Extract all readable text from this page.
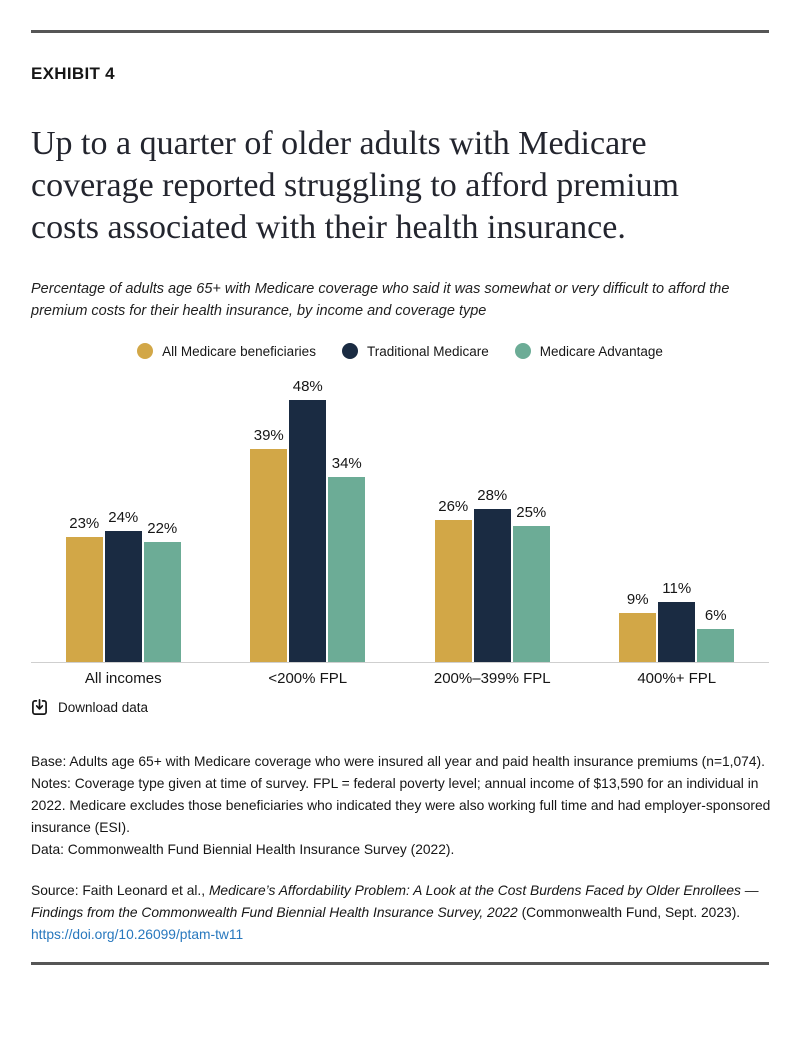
EXHIBIT 4
Up to a quarter of older adults with Medicare coverage reported struggling to afford premium costs associated with their health insurance.

Percentage of adults age 65+ with Medicare coverage who said it was somewhat or very difficult to afford the premium costs for their health insurance, by income and coverage type

All Medicare beneficiaries	Traditional Medicare	Medicare Advantage
23% 24%
22%
39%
48%
34%
26%
28%
25%
9%
11%
6%
All incomes	<200% FPL	200%–399% FPL	400%+ FPL
Download data
Base: Adults age 65+ with Medicare coverage who were insured all year and paid health insurance premiums (n=1,074).
Notes: Coverage type given at time of survey. FPL = federal poverty level; annual income of $13,590 for an individual in 2022. Medicare excludes those beneficiaries who indicated they were also working full time and had employer-sponsored insurance (ESI).
Data: Commonwealth Fund Biennial Health Insurance Survey (2022).
Source: Faith Leonard et al., Medicare’s Affordability Problem: A Look at the Cost Burdens Faced by Older Enrollees — Findings from the Commonwealth Fund Biennial Health Insurance Survey, 2022 (Commonwealth Fund, Sept. 2023).
https://doi.org/10.26099/ptam-tw11
